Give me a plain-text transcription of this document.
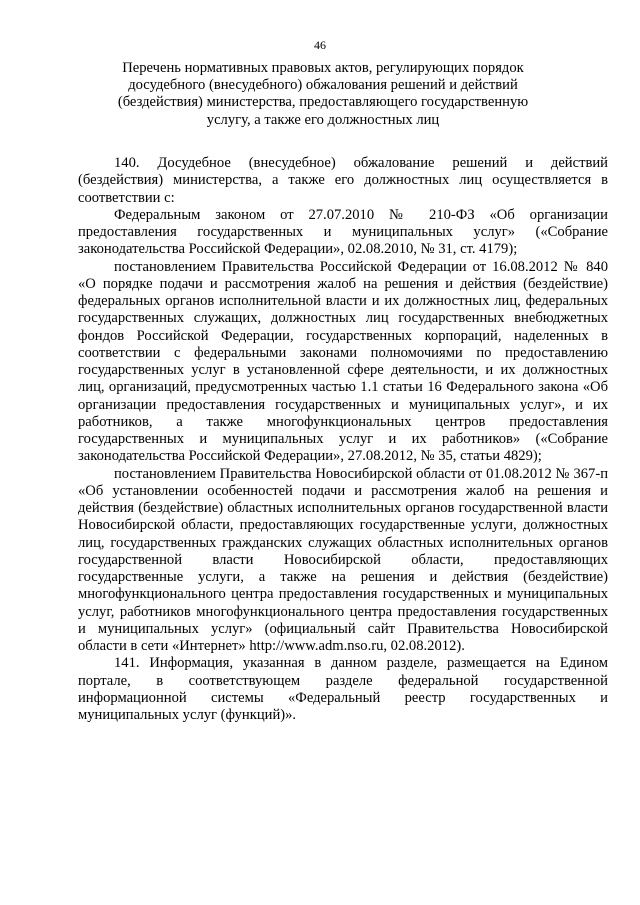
46
Перечень нормативных правовых актов, регулирующих порядок
досудебного (внесудебного) обжалования решений и действий
(бездействия) министерства, предоставляющего государственную
услугу, а также его должностных лиц

140. Досудебное (внесудебное) обжалование решений и действий (бездействия) министерства, а также его должностных лиц осуществляется в соответствии с:

Федеральным законом от 27.07.2010 № 210-ФЗ «Об организации предоставления государственных и муниципальных услуг» («Собрание законодательства Российской Федерации», 02.08.2010, № 31, ст. 4179);

постановлением Правительства Российской Федерации от 16.08.2012 № 840 «О порядке подачи и рассмотрения жалоб на решения и действия (бездействие) федеральных органов исполнительной власти и их должностных лиц, федеральных государственных служащих, должностных лиц государственных внебюджетных фондов Российской Федерации, государственных корпораций, наделенных в соответствии с федеральными законами полномочиями по предоставлению государственных услуг в установленной сфере деятельности, и их должностных лиц, организаций, предусмотренных частью 1.1 статьи 16 Федерального закона «Об организации предоставления государственных и муниципальных услуг», и их работников, а также многофункциональных центров предоставления государственных и муниципальных услуг и их работников» («Собрание законодательства Российской Федерации», 27.08.2012, № 35, статьи 4829);

постановлением Правительства Новосибирской области от 01.08.2012 № 367-п «Об установлении особенностей подачи и рассмотрения жалоб на решения и действия (бездействие) областных исполнительных органов государственной власти Новосибирской области, предоставляющих государственные услуги, должностных лиц, государственных гражданских служащих областных исполнительных органов государственной власти Новосибирской области, предоставляющих государственные услуги, а также на решения и действия (бездействие) многофункционального центра предоставления государственных и муниципальных услуг, работников многофункционального центра предоставления государственных и муниципальных услуг» (официальный сайт Правительства Новосибирской области в сети «Интернет» http://www.adm.nso.ru, 02.08.2012).

141. Информация, указанная в данном разделе, размещается на Едином портале, в соответствующем разделе федеральной государственной информационной системы «Федеральный реестр государственных и муниципальных услуг (функций)».
